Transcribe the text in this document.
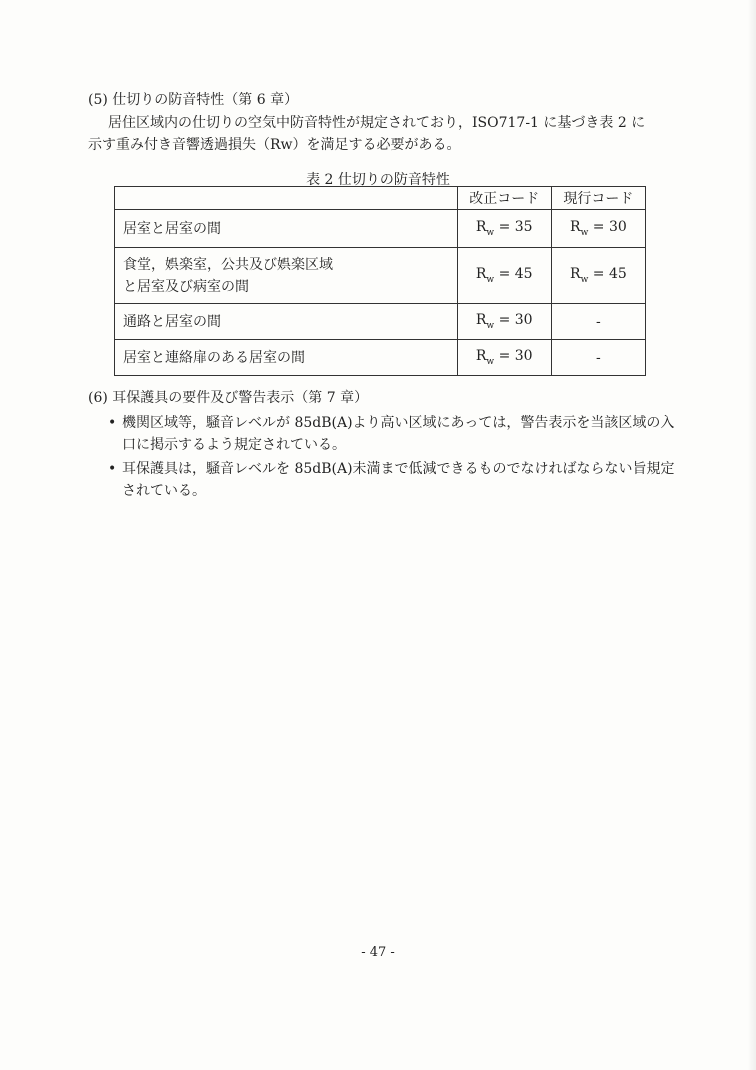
(5) 仕切りの防音特性（第 6 章）
居住区域内の仕切りの空気中防音特性が規定されており，ISO717-1 に基づき表 2 に
示す重み付き音響透過損失（Rw）を満足する必要がある。
表 2 仕切りの防音特性
	改正コード	現行コード
居室と居室の間	$R_w = 35$	$R_w = 30$
食堂，娯楽室，公共及び娯楽区域
と居室及び病室の間	$R_w = 45$	$R_w = 45$
通路と居室の間	$R_w = 30$	-
居室と連絡扉のある居室の間	$R_w = 30$	-
(6) 耳保護具の要件及び警告表示（第 7 章）
• 機関区域等，騒音レベルが 85dB(A)より高い区域にあっては，警告表示を当該区域の入口に掲示するよう規定されている。
• 耳保護具は，騒音レベルを 85dB(A)未満まで低減できるものでなければならない旨規定されている。
- 47 -
